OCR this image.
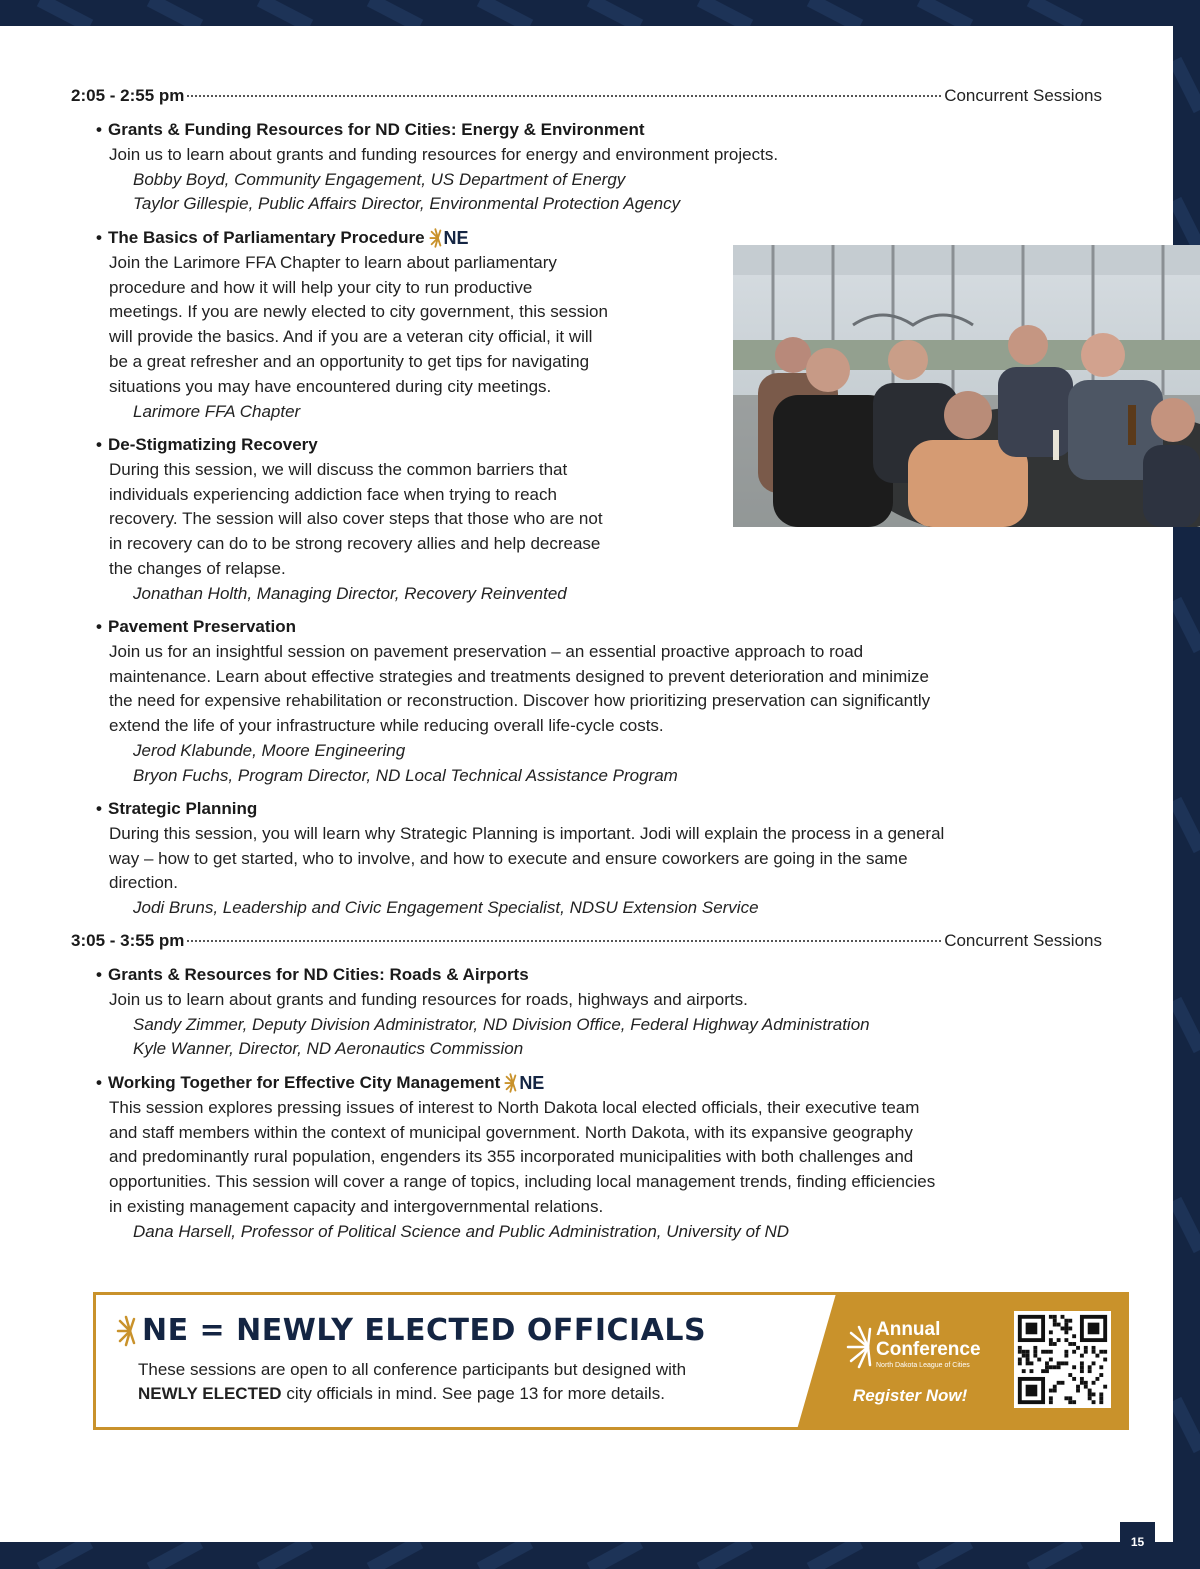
2:05 - 2:55 pm	Concurrent Sessions
• Grants & Funding Resources for ND Cities: Energy & Environment
Join us to learn about grants and funding resources for energy and environment projects.
Bobby Boyd, Community Engagement, US Department of Energy
Taylor Gillespie, Public Affairs Director, Environmental Protection Agency
• The Basics of Parliamentary Procedure NE
Join the Larimore FFA Chapter to learn about parliamentary
procedure and how it will help your city to run productive
meetings. If you are newly elected to city government, this session
will provide the basics. And if you are a veteran city official, it will
be a great refresher and an opportunity to get tips for navigating
situations you may have encountered during city meetings.
Larimore FFA Chapter
• De-Stigmatizing Recovery
During this session, we will discuss the common barriers that
individuals experiencing addiction face when trying to reach
recovery. The session will also cover steps that those who are not
in recovery can do to be strong recovery allies and help decrease
the changes of relapse.
Jonathan Holth, Managing Director, Recovery Reinvented
• Pavement Preservation
Join us for an insightful session on pavement preservation – an essential proactive approach to road
maintenance. Learn about effective strategies and treatments designed to prevent deterioration and minimize
the need for expensive rehabilitation or reconstruction. Discover how prioritizing preservation can significantly
extend the life of your infrastructure while reducing overall life-cycle costs.
Jerod Klabunde, Moore Engineering
Bryon Fuchs, Program Director, ND Local Technical Assistance Program
• Strategic Planning
During this session, you will learn why Strategic Planning is important. Jodi will explain the process in a general
way – how to get started, who to involve, and how to execute and ensure coworkers are going in the same
direction.
Jodi Bruns, Leadership and Civic Engagement Specialist, NDSU Extension Service
3:05 - 3:55 pm	Concurrent Sessions
• Grants & Resources for ND Cities: Roads & Airports
Join us to learn about grants and funding resources for roads, highways and airports.
Sandy Zimmer, Deputy Division Administrator, ND Division Office, Federal Highway Administration
Kyle Wanner, Director, ND Aeronautics Commission
• Working Together for Effective City Management NE
This session explores pressing issues of interest to North Dakota local elected officials, their executive team
and staff members within the context of municipal government. North Dakota, with its expansive geography
and predominantly rural population, engenders its 355 incorporated municipalities with both challenges and
opportunities. This session will cover a range of topics, including local management trends, finding efficiencies
in existing management capacity and intergovernmental relations.
Dana Harsell, Professor of Political Science and Public Administration, University of ND
NE = NEWLY ELECTED OFFICIALS
These sessions are open to all conference participants but designed with
NEWLY ELECTED city officials in mind. See page 13 for more details.
Annual
Conference
North Dakota League of Cities
Register Now!
15
